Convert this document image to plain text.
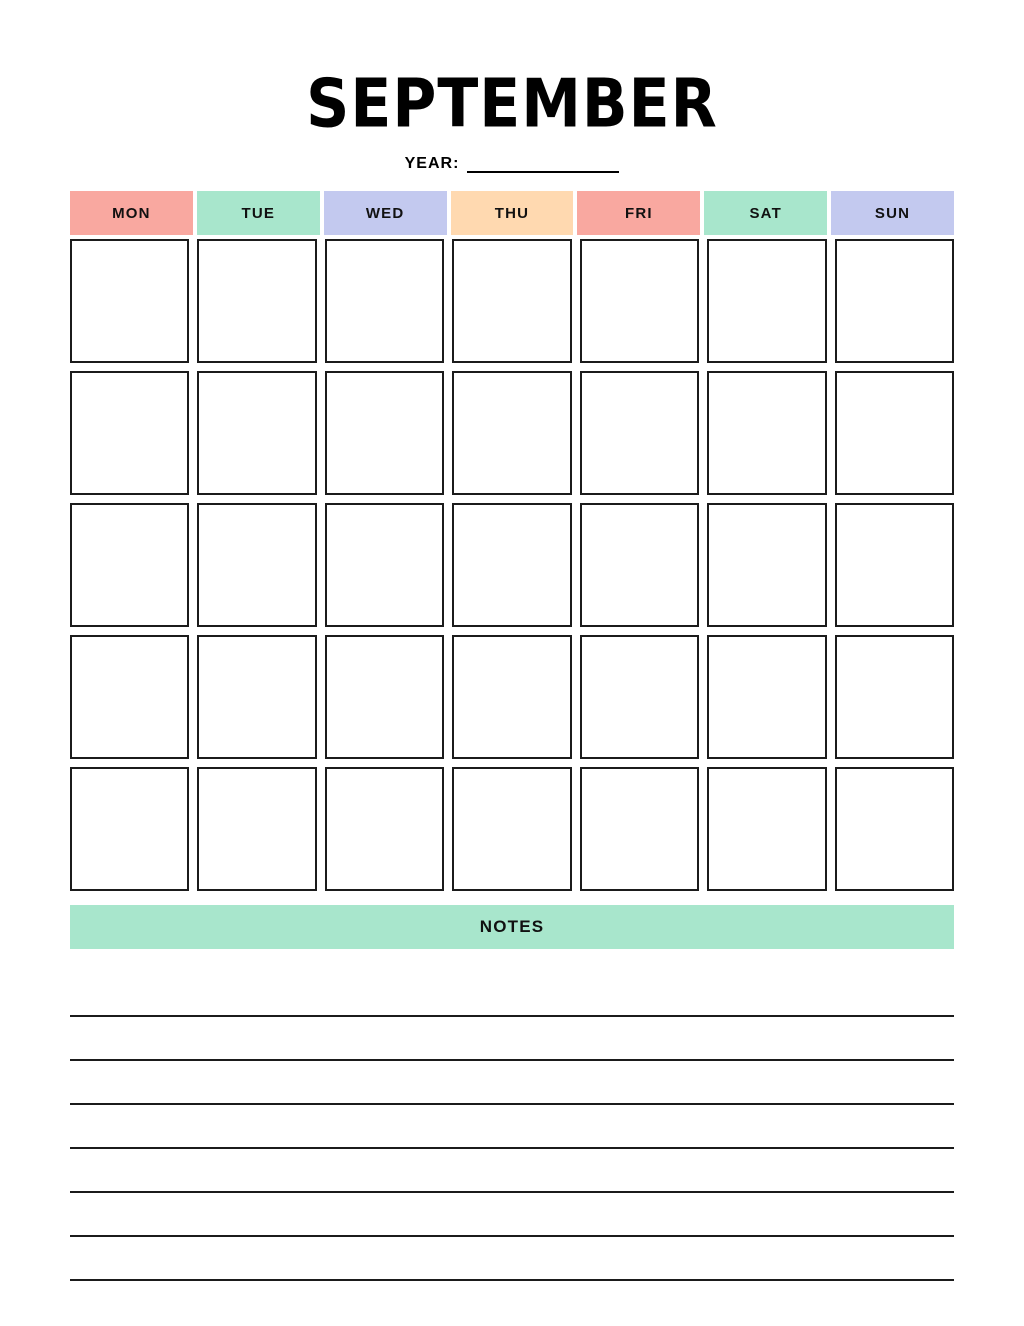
SEPTEMBER
YEAR:
MON	TUE	WED	THU	FRI	SAT	SUN
NOTES
